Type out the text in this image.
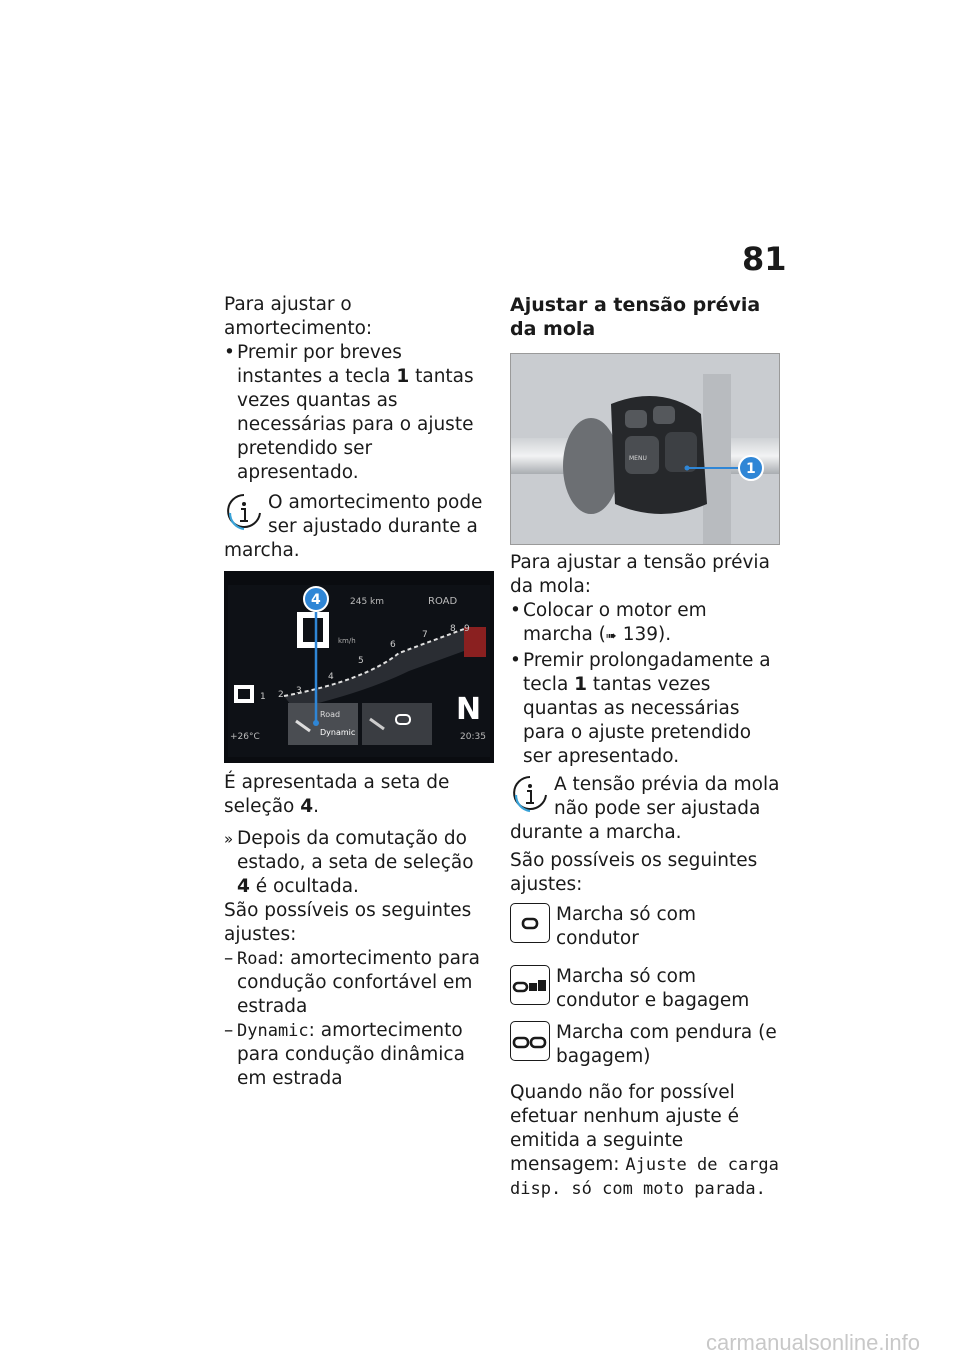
81

Para ajustar o amortecimento:

• Premir por breves instantes a tecla 1 tantas vezes quantas as necessárias para o ajuste pretendido ser apresentado.

O amortecimento pode ser ajustado durante a marcha.
N
4	245 km	ROAD
km/h
+26°C	20:35
Road
Dynamic
1 2 3
4
5
6
7
8 9

É apresentada a seta de seleção 4.

» Depois da comutação do estado, a seta de seleção 4 é ocultada.

São possíveis os seguintes ajustes:

– Road: amortecimento para condução confortável em estrada

– Dynamic: amortecimento para condução dinâmica em estrada

Ajustar a tensão prévia da mola

MENU
1

Para ajustar a tensão prévia da mola:

• Colocar o motor em marcha (➠ 139).

• Premir prolongadamente a tecla 1 tantas vezes quantas as necessárias para o ajuste pretendido ser apresentado.

A tensão prévia da mola não pode ser ajustada durante a marcha.

São possíveis os seguintes ajustes:

Marcha só com condutor
Marcha só com condutor e bagagem
Marcha com pendura (e bagagem)

Quando não for possível efetuar nenhum ajuste é emitida a seguinte mensagem: Ajuste de carga disp. só com moto parada.

carmanualsonline.info
